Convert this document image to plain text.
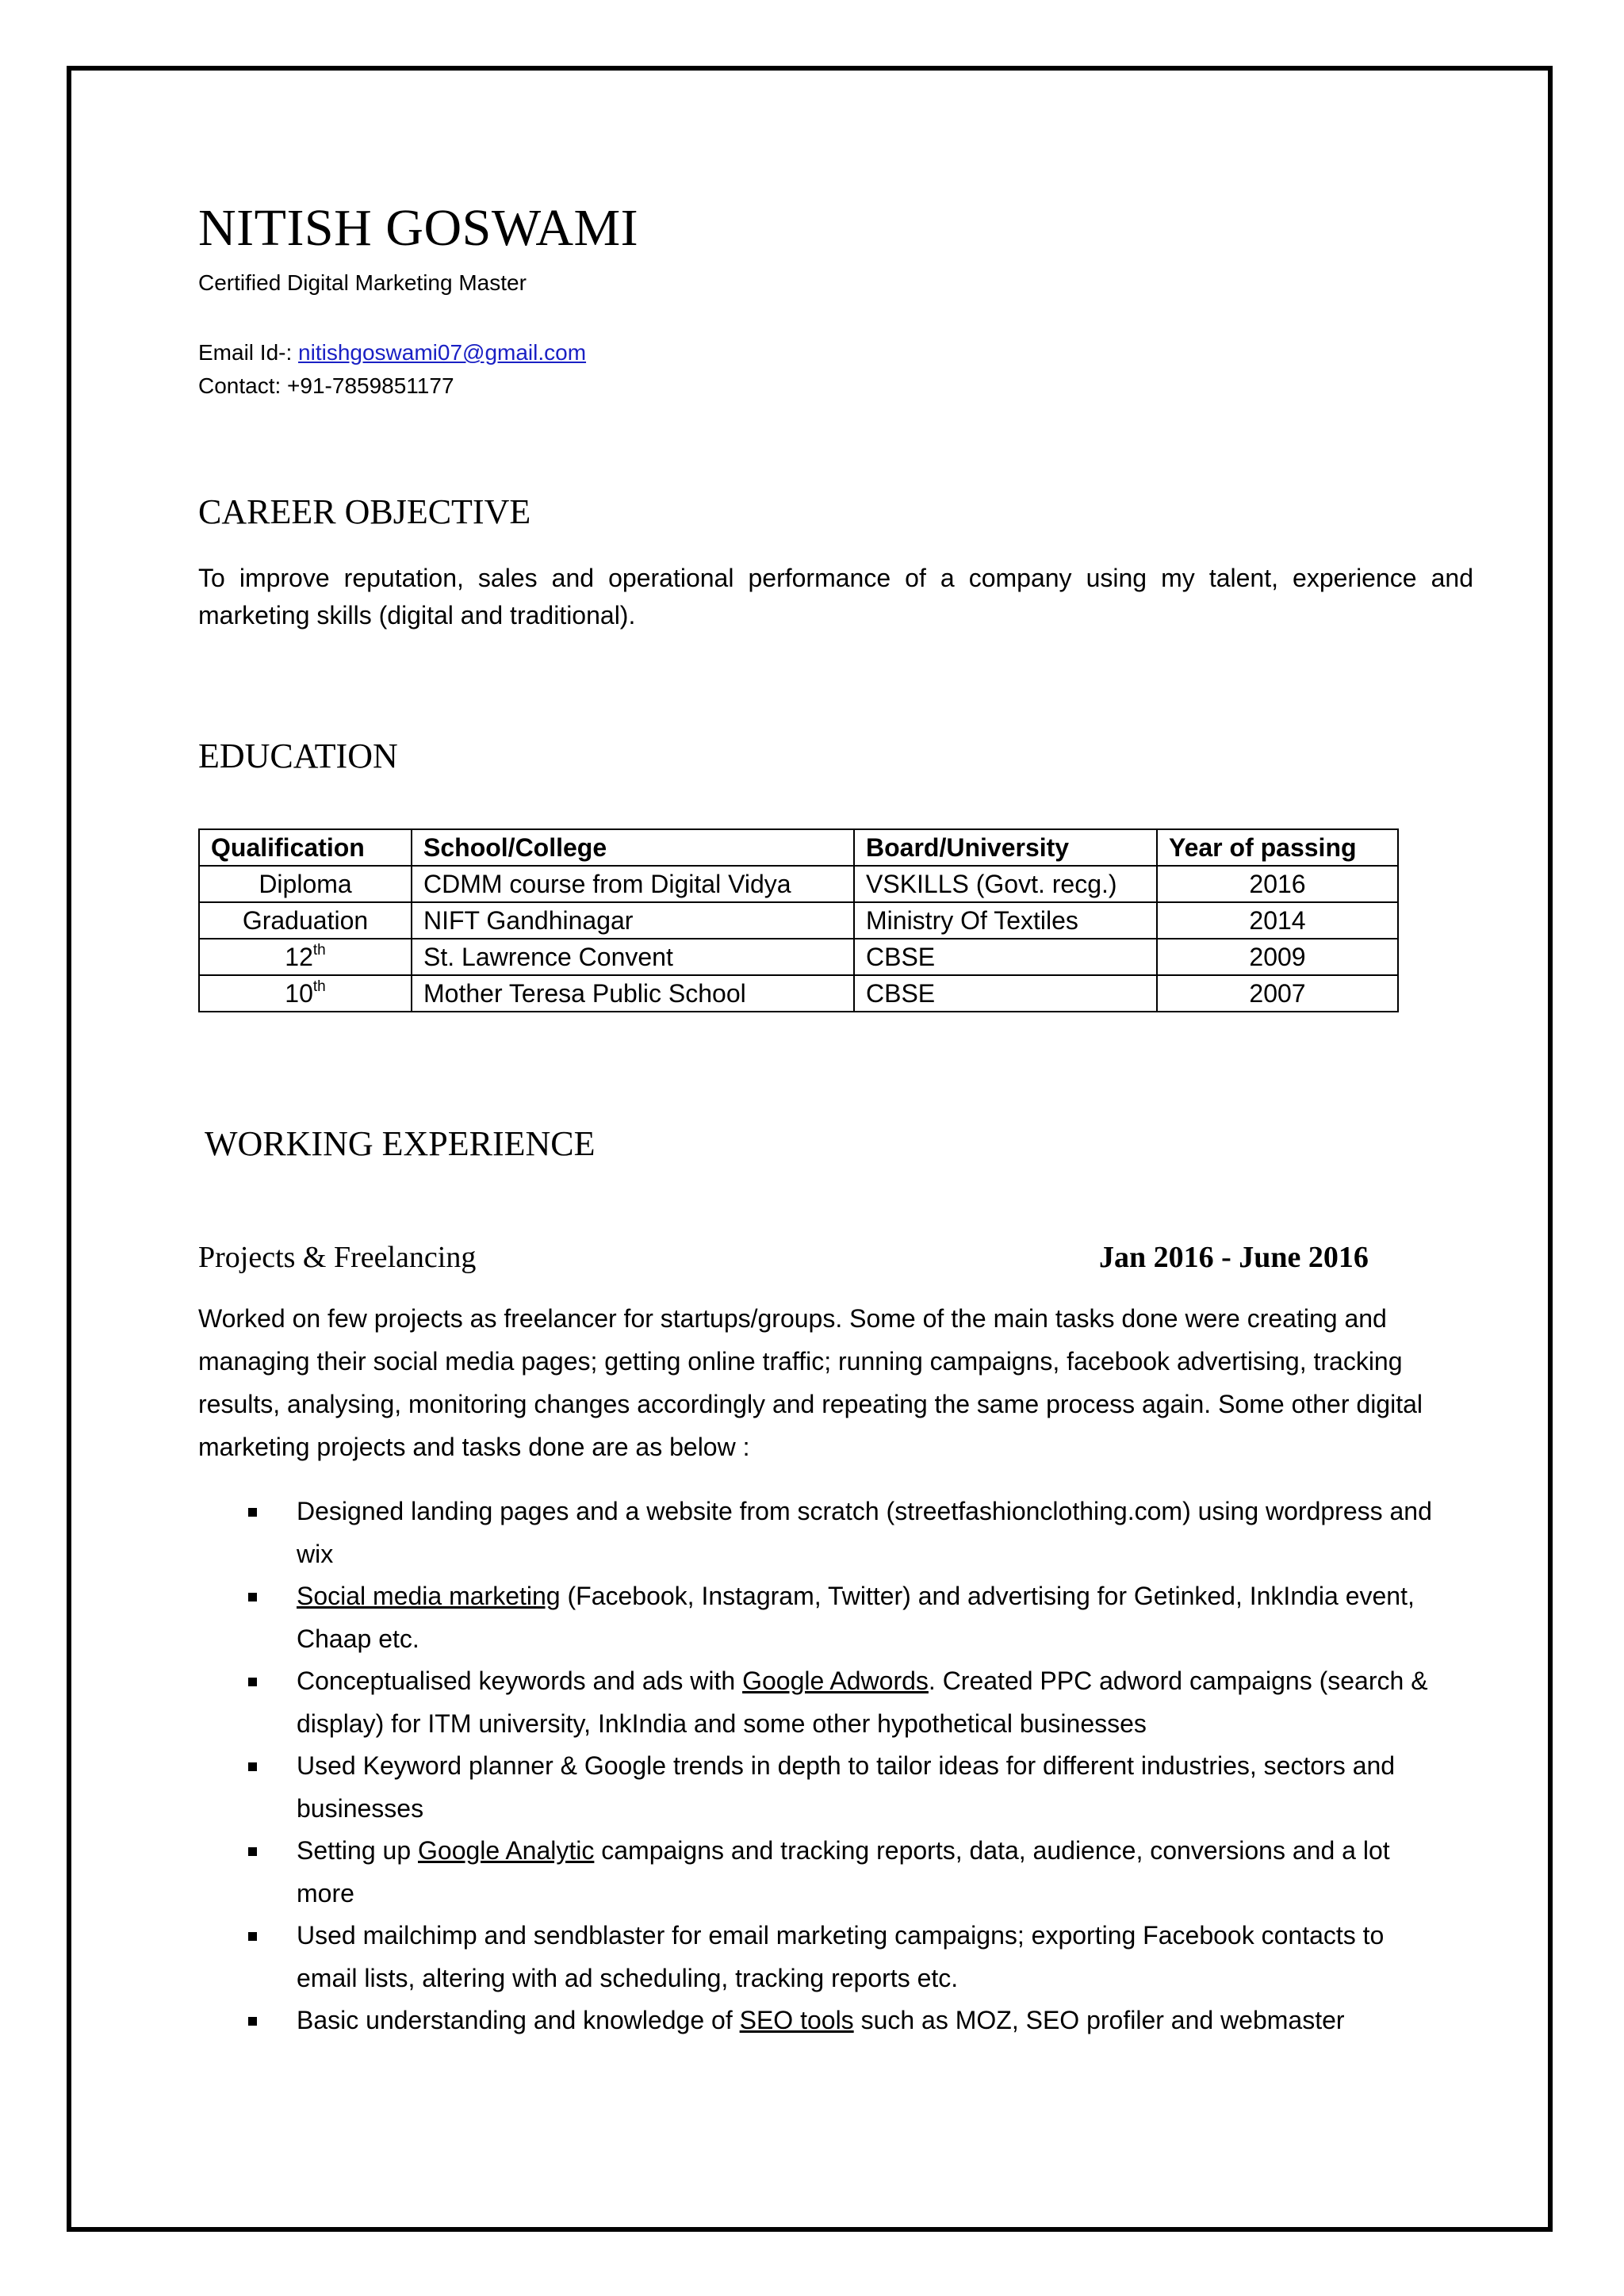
NITISH GOSWAMI
Certified Digital Marketing Master
Email Id-: nitishgoswami07@gmail.com
Contact: +91-7859851177
CAREER OBJECTIVE
To improve reputation, sales and operational performance of a company using my talent, experience and marketing skills (digital and traditional).
EDUCATION
Qualification	School/College	Board/University	Year of passing
Diploma	CDMM course from Digital Vidya	VSKILLS (Govt. recg.)	2016
Graduation	NIFT Gandhinagar	Ministry Of Textiles	2014
12th	St. Lawrence Convent	CBSE	2009
10th	Mother Teresa Public School	CBSE	2007
WORKING EXPERIENCE
Projects & Freelancing	Jan 2016 - June 2016
Worked on few projects as freelancer for startups/groups. Some of the main tasks done were creating and managing their social media pages; getting online traffic; running campaigns, facebook advertising, tracking results, analysing, monitoring changes accordingly and repeating the same process again. Some other digital marketing projects and tasks done are as below :
Designed landing pages and a website from scratch (streetfashionclothing.com) using wordpress and wix
Social media marketing (Facebook, Instagram, Twitter) and advertising for Getinked, InkIndia event, Chaap etc.
Conceptualised keywords and ads with Google Adwords. Created PPC adword campaigns (search & display) for ITM university, InkIndia and some other hypothetical businesses
Used Keyword planner & Google trends in depth to tailor ideas for different industries, sectors and businesses
Setting up Google Analytic campaigns and tracking reports, data, audience, conversions and a lot more
Used mailchimp and sendblaster for email marketing campaigns; exporting Facebook contacts to email lists, altering with ad scheduling, tracking reports etc.
Basic understanding and knowledge of SEO tools such as MOZ, SEO profiler and webmaster
